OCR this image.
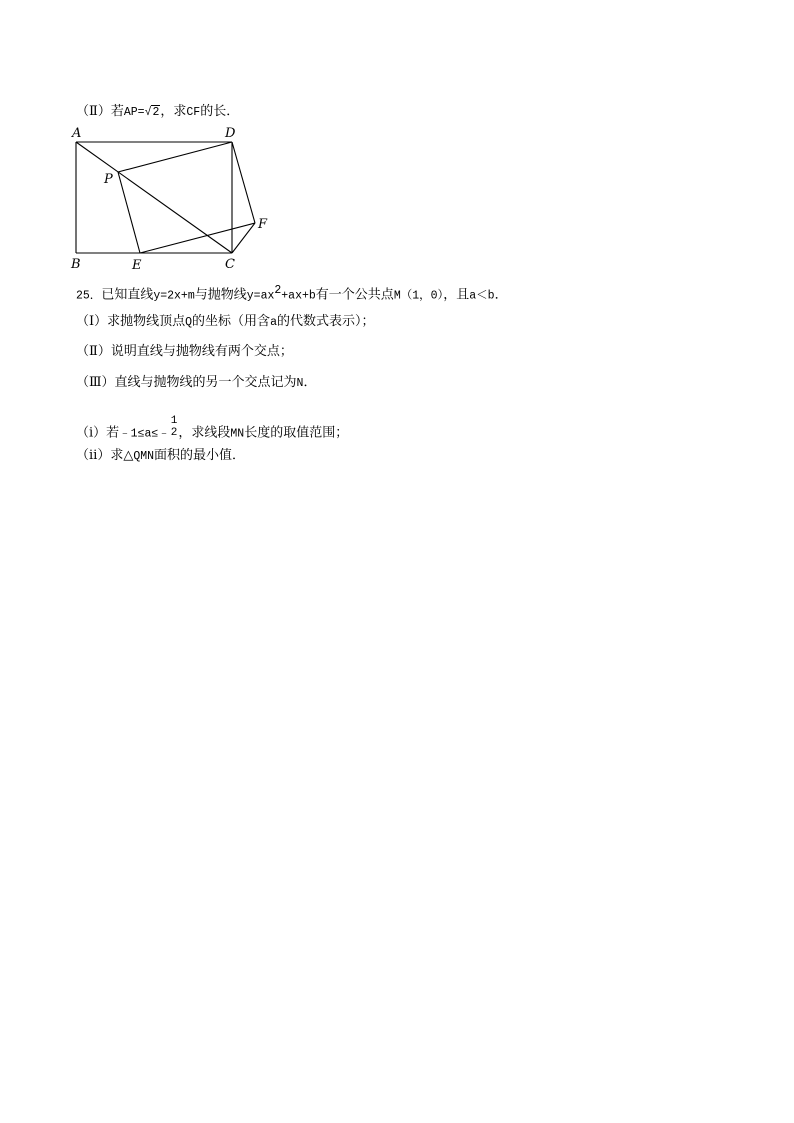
（Ⅱ）若AP=√2，求CF的长．
A	D
P
F
B	E	C
25．已知直线y=2x+m与抛物线$y=ax^2+ax+b$有一个公共点M（1，0），且a＜b．
（Ⅰ）求抛物线顶点Q的坐标（用含a的代数式表示）；
（Ⅱ）说明直线与抛物线有两个交点；
（Ⅲ）直线与抛物线的另一个交点记为N．
（ⅰ）若﹣1≤a≤﹣
1
2 ，求线段MN长度的取值范围；
（ⅱ）求△QMN面积的最小值．
